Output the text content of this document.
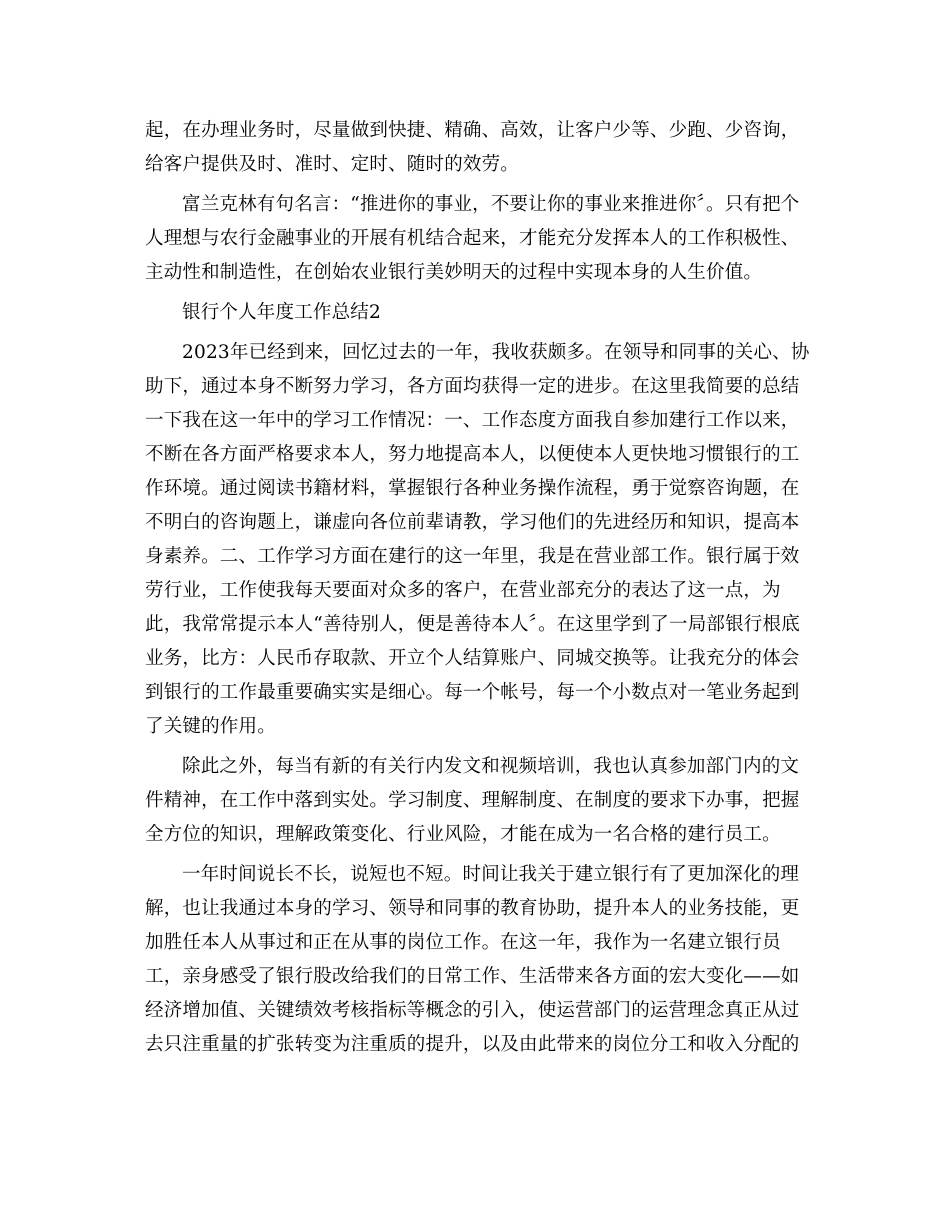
起，在办理业务时，尽量做到快捷、精确、高效，让客户少等、少跑、少咨询，
给客户提供及时、准时、定时、随时的效劳。
富兰克林有句名言：“推进你的事业，不要让你的事业来推进你〞。只有把个
人理想与农行金融事业的开展有机结合起来，才能充分发挥本人的工作积极性、
主动性和制造性，在创始农业银行美妙明天的过程中实现本身的人生价值。
银行个人年度工作总结2
2023年已经到来，回忆过去的一年，我收获颇多。在领导和同事的关心、协
助下，通过本身不断努力学习，各方面均获得一定的进步。在这里我简要的总结
一下我在这一年中的学习工作情况：一、工作态度方面我自参加建行工作以来，
不断在各方面严格要求本人，努力地提高本人，以便使本人更快地习惯银行的工
作环境。通过阅读书籍材料，掌握银行各种业务操作流程，勇于觉察咨询题，在
不明白的咨询题上，谦虚向各位前辈请教，学习他们的先进经历和知识，提高本
身素养。二、工作学习方面在建行的这一年里，我是在营业部工作。银行属于效
劳行业，工作使我每天要面对众多的客户，在营业部充分的表达了这一点，为
此，我常常提示本人“善待别人，便是善待本人〞。在这里学到了一局部银行根底
业务，比方：人民币存取款、开立个人结算账户、同城交换等。让我充分的体会
到银行的工作最重要确实实是细心。每一个帐号，每一个小数点对一笔业务起到
了关键的作用。
除此之外，每当有新的有关行内发文和视频培训，我也认真参加部门内的文
件精神，在工作中落到实处。学习制度、理解制度、在制度的要求下办事，把握
全方位的知识，理解政策变化、行业风险，才能在成为一名合格的建行员工。
一年时间说长不长，说短也不短。时间让我关于建立银行有了更加深化的理
解，也让我通过本身的学习、领导和同事的教育协助，提升本人的业务技能，更
加胜任本人从事过和正在从事的岗位工作。在这一年，我作为一名建立银行员
工，亲身感受了银行股改给我们的日常工作、生活带来各方面的宏大变化——如
经济增加值、关键绩效考核指标等概念的引入，使运营部门的运营理念真正从过
去只注重量的扩张转变为注重质的提升，以及由此带来的岗位分工和收入分配的
